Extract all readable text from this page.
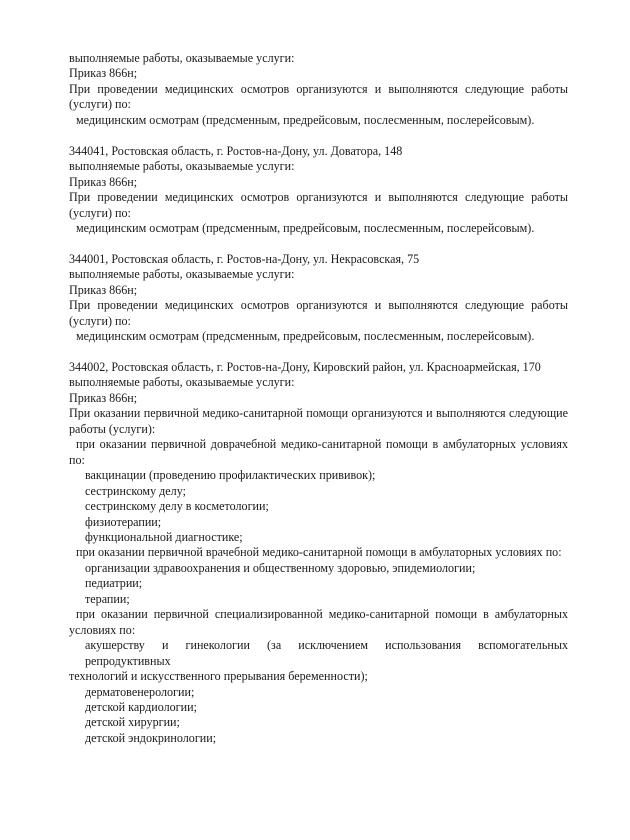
выполняемые работы, оказываемые услуги:

Приказ 866н;

При проведении медицинских осмотров организуются и выполняются следующие работы

(услуги) по:

медицинским осмотрам (предсменным, предрейсовым, послесменным, послерейсовым).

344041, Ростовская область, г. Ростов-на-Дону, ул. Доватора, 148

выполняемые работы, оказываемые услуги:

Приказ 866н;

При проведении медицинских осмотров организуются и выполняются следующие работы

(услуги) по:

медицинским осмотрам (предсменным, предрейсовым, послесменным, послерейсовым).

344001, Ростовская область, г. Ростов-на-Дону, ул. Некрасовская, 75

выполняемые работы, оказываемые услуги:

Приказ 866н;

При проведении медицинских осмотров организуются и выполняются следующие работы

(услуги) по:

медицинским осмотрам (предсменным, предрейсовым, послесменным, послерейсовым).

344002, Ростовская область, г. Ростов-на-Дону, Кировский район, ул. Красноармейская, 170

выполняемые работы, оказываемые услуги:

Приказ 866н;

При оказании первичной медико-санитарной помощи организуются и выполняются следующие

работы (услуги):

при оказании первичной доврачебной медико-санитарной помощи в амбулаторных условиях

по:

вакцинации (проведению профилактических прививок);

сестринскому делу;

сестринскому делу в косметологии;

физиотерапии;

функциональной диагностике;

при оказании первичной врачебной медико-санитарной помощи в амбулаторных условиях по:

организации здравоохранения и общественному здоровью, эпидемиологии;

педиатрии;

терапии;

при оказании первичной специализированной медико-санитарной помощи в амбулаторных

условиях по:

акушерству и гинекологии (за исключением использования вспомогательных репродуктивных

технологий и искусственного прерывания беременности);

дерматовенерологии;

детской кардиологии;

детской хирургии;

детской эндокринологии;
